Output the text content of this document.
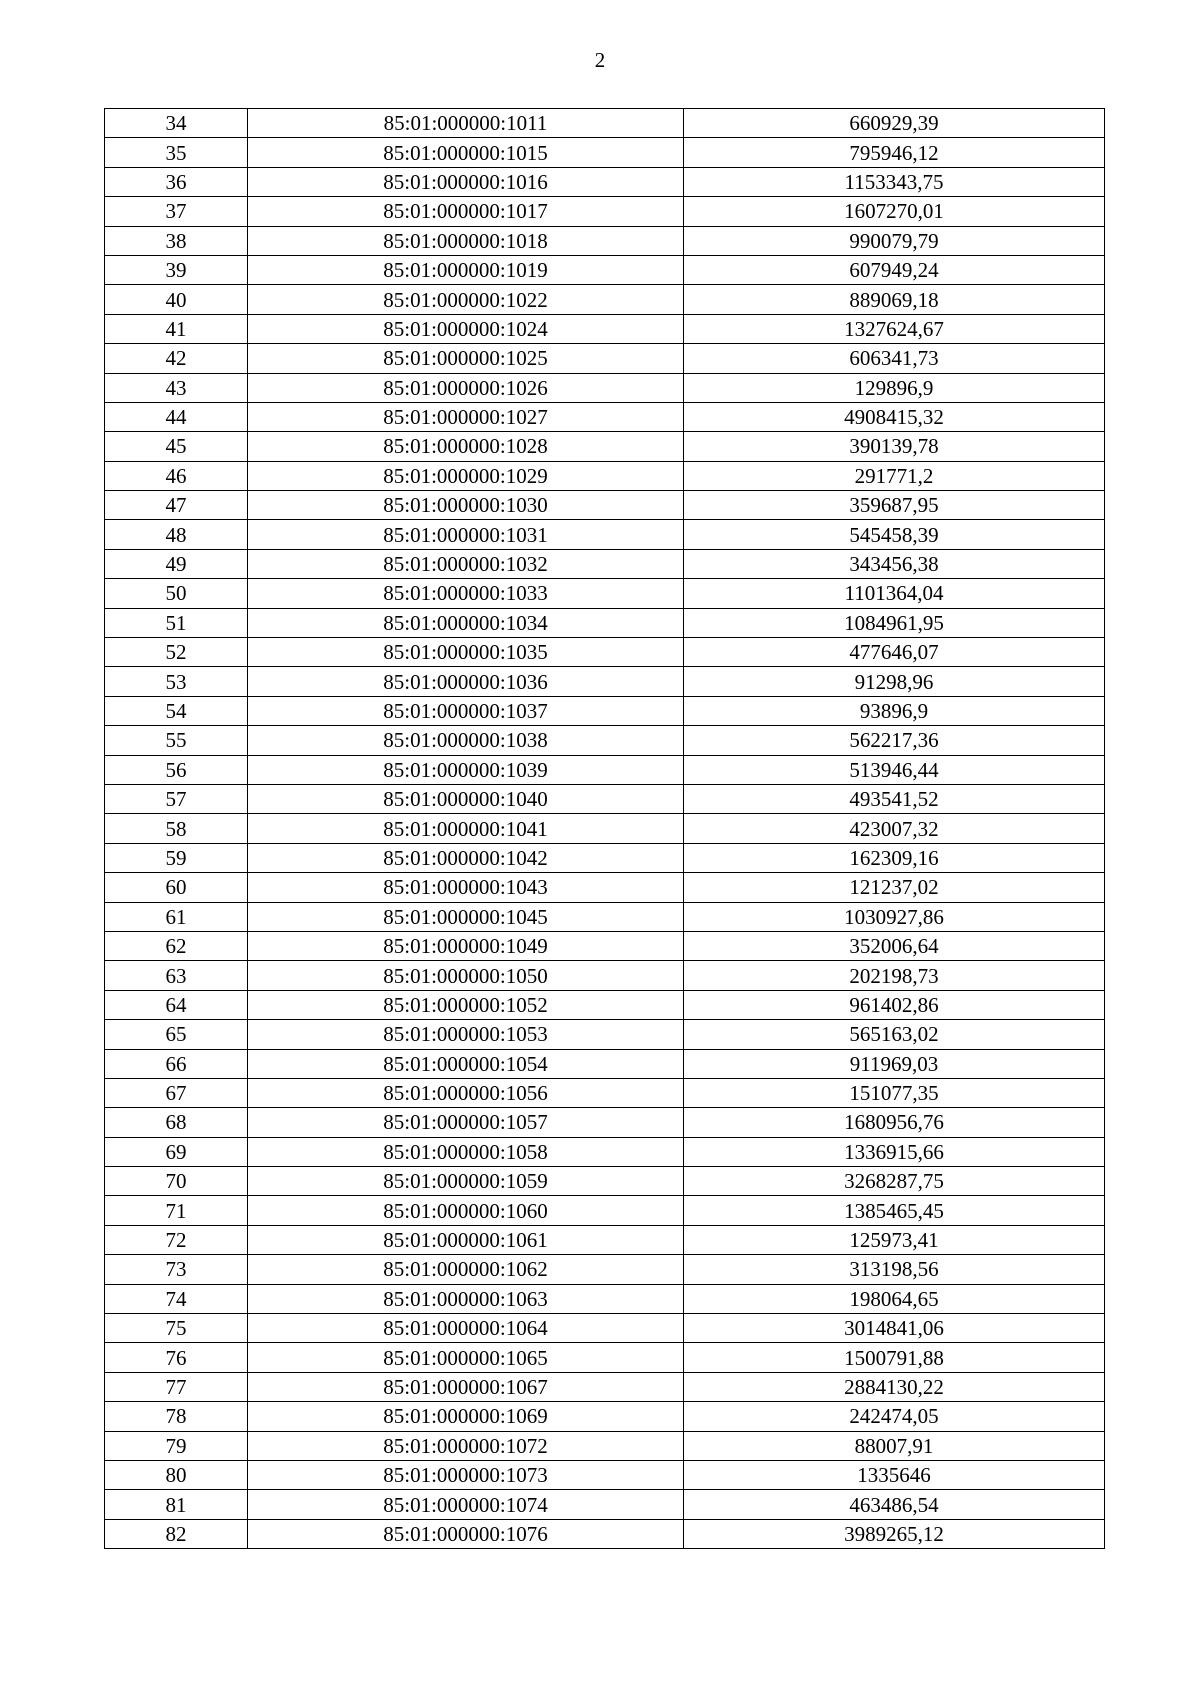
2
34	85:01:000000:1011	660929,39
35	85:01:000000:1015	795946,12
36	85:01:000000:1016	1153343,75
37	85:01:000000:1017	1607270,01
38	85:01:000000:1018	990079,79
39	85:01:000000:1019	607949,24
40	85:01:000000:1022	889069,18
41	85:01:000000:1024	1327624,67
42	85:01:000000:1025	606341,73
43	85:01:000000:1026	129896,9
44	85:01:000000:1027	4908415,32
45	85:01:000000:1028	390139,78
46	85:01:000000:1029	291771,2
47	85:01:000000:1030	359687,95
48	85:01:000000:1031	545458,39
49	85:01:000000:1032	343456,38
50	85:01:000000:1033	1101364,04
51	85:01:000000:1034	1084961,95
52	85:01:000000:1035	477646,07
53	85:01:000000:1036	91298,96
54	85:01:000000:1037	93896,9
55	85:01:000000:1038	562217,36
56	85:01:000000:1039	513946,44
57	85:01:000000:1040	493541,52
58	85:01:000000:1041	423007,32
59	85:01:000000:1042	162309,16
60	85:01:000000:1043	121237,02
61	85:01:000000:1045	1030927,86
62	85:01:000000:1049	352006,64
63	85:01:000000:1050	202198,73
64	85:01:000000:1052	961402,86
65	85:01:000000:1053	565163,02
66	85:01:000000:1054	911969,03
67	85:01:000000:1056	151077,35
68	85:01:000000:1057	1680956,76
69	85:01:000000:1058	1336915,66
70	85:01:000000:1059	3268287,75
71	85:01:000000:1060	1385465,45
72	85:01:000000:1061	125973,41
73	85:01:000000:1062	313198,56
74	85:01:000000:1063	198064,65
75	85:01:000000:1064	3014841,06
76	85:01:000000:1065	1500791,88
77	85:01:000000:1067	2884130,22
78	85:01:000000:1069	242474,05
79	85:01:000000:1072	88007,91
80	85:01:000000:1073	1335646
81	85:01:000000:1074	463486,54
82	85:01:000000:1076	3989265,12
